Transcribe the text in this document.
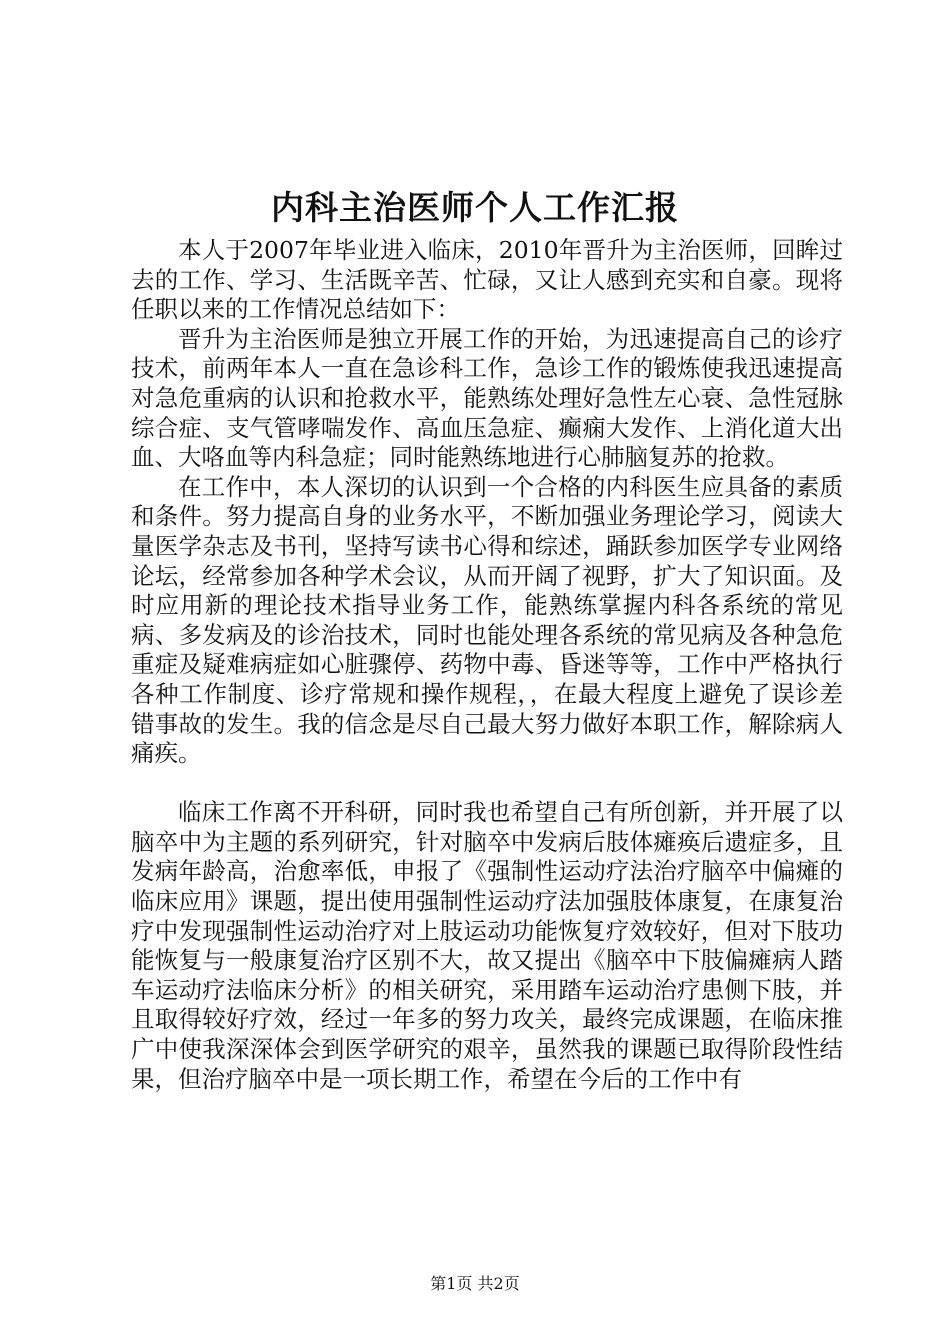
内科主治医师个人工作汇报

本人于2007年毕业进入临床，2010年晋升为主治医师，回眸过去的工作、学习、生活既辛苦、忙碌，又让人感到充实和自豪。现将任职以来的工作情况总结如下：

晋升为主治医师是独立开展工作的开始，为迅速提高自己的诊疗技术，前两年本人一直在急诊科工作，急诊工作的锻炼使我迅速提高对急危重病的认识和抢救水平，能熟练处理好急性左心衰、急性冠脉综合症、支气管哮喘发作、高血压急症、癫痫大发作、上消化道大出血、大咯血等内科急症；同时能熟练地进行心肺脑复苏的抢救。

在工作中，本人深切的认识到一个合格的内科医生应具备的素质和条件。努力提高自身的业务水平，不断加强业务理论学习，阅读大量医学杂志及书刊，坚持写读书心得和综述，踊跃参加医学专业网络论坛，经常参加各种学术会议，从而开阔了视野，扩大了知识面。及时应用新的理论技术指导业务工作，能熟练掌握内科各系统的常见病、多发病及的诊治技术，同时也能处理各系统的常见病及各种急危重症及疑难病症如心脏骤停、药物中毒、昏迷等等，工作中严格执行各种工作制度、诊疗常规和操作规程，，在最大程度上避免了误诊差错事故的发生。我的信念是尽自己最大努力做好本职工作，解除病人痛疾。

临床工作离不开科研，同时我也希望自己有所创新，并开展了以脑卒中为主题的系列研究，针对脑卒中发病后肢体瘫痪后遗症多，且发病年龄高，治愈率低，申报了《强制性运动疗法治疗脑卒中偏瘫的临床应用》课题，提出使用强制性运动疗法加强肢体康复，在康复治疗中发现强制性运动治疗对上肢运动功能恢复疗效较好，但对下肢功能恢复与一般康复治疗区别不大，故又提出《脑卒中下肢偏瘫病人踏车运动疗法临床分析》的相关研究，采用踏车运动治疗患侧下肢，并且取得较好疗效，经过一年多的努力攻关，最终完成课题，在临床推广中使我深深体会到医学研究的艰辛，虽然我的课题已取得阶段性结果，但治疗脑卒中是一项长期工作，希望在今后的工作中有

第1页 共2页
